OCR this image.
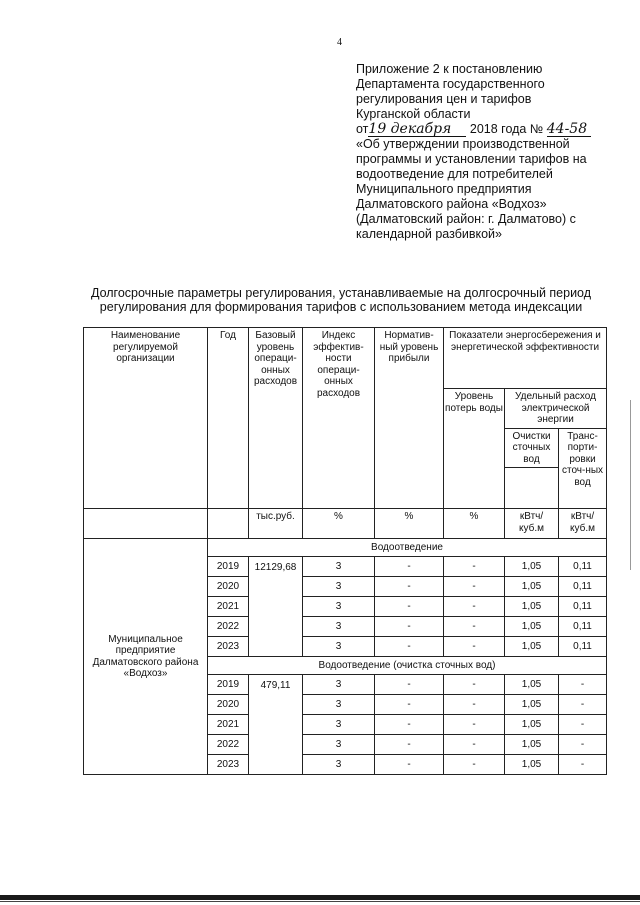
4
Приложение 2 к постановлению
Департамента государственного
регулирования цен и тарифов
Курганской области
от19 декабря 2018 года № 44-58
«Об утверждении производственной
программы и установлении тарифов на
водоотведение для потребителей
Муниципального предприятия
Далматовского района «Водхоз»
(Далматовский район: г. Далматово) с
календарной разбивкой»
Долгосрочные параметры регулирования, устанавливаемые на долгосрочный период
регулирования для формирования тарифов с использованием метода индексации
Наименование регулируемой организации	Год	Базовый уровень операци-онных расходов	Индекс эффектив-ности операци-онных расходов	Норматив-ный уровень прибыли	Показатели энергосбережения и энергетической эффективности		
					Уровень потерь воды	Удельный расход электрической энергии	
						Очистки сточных вод	Транс-порти-ровки сточ-ных вод

		тыс.руб.	%	%	%	кВтч/ куб.м	кВтч/ куб.м
Муниципальное предприятие Далматовского района «Водхоз»	Водоотведение						
	2019	12129,68	3	-	-	1,05	0,11
	2020		3	-	-	1,05	0,11
	2021		3	-	-	1,05	0,11
	2022		3	-	-	1,05	0,11
	2023		3	-	-	1,05	0,11
	Водоотведение (очистка сточных вод)						
	2019	479,11	3	-	-	1,05	-
	2020		3	-	-	1,05	-
	2021		3	-	-	1,05	-
	2022		3	-	-	1,05	-
	2023		3	-	-	1,05	-
